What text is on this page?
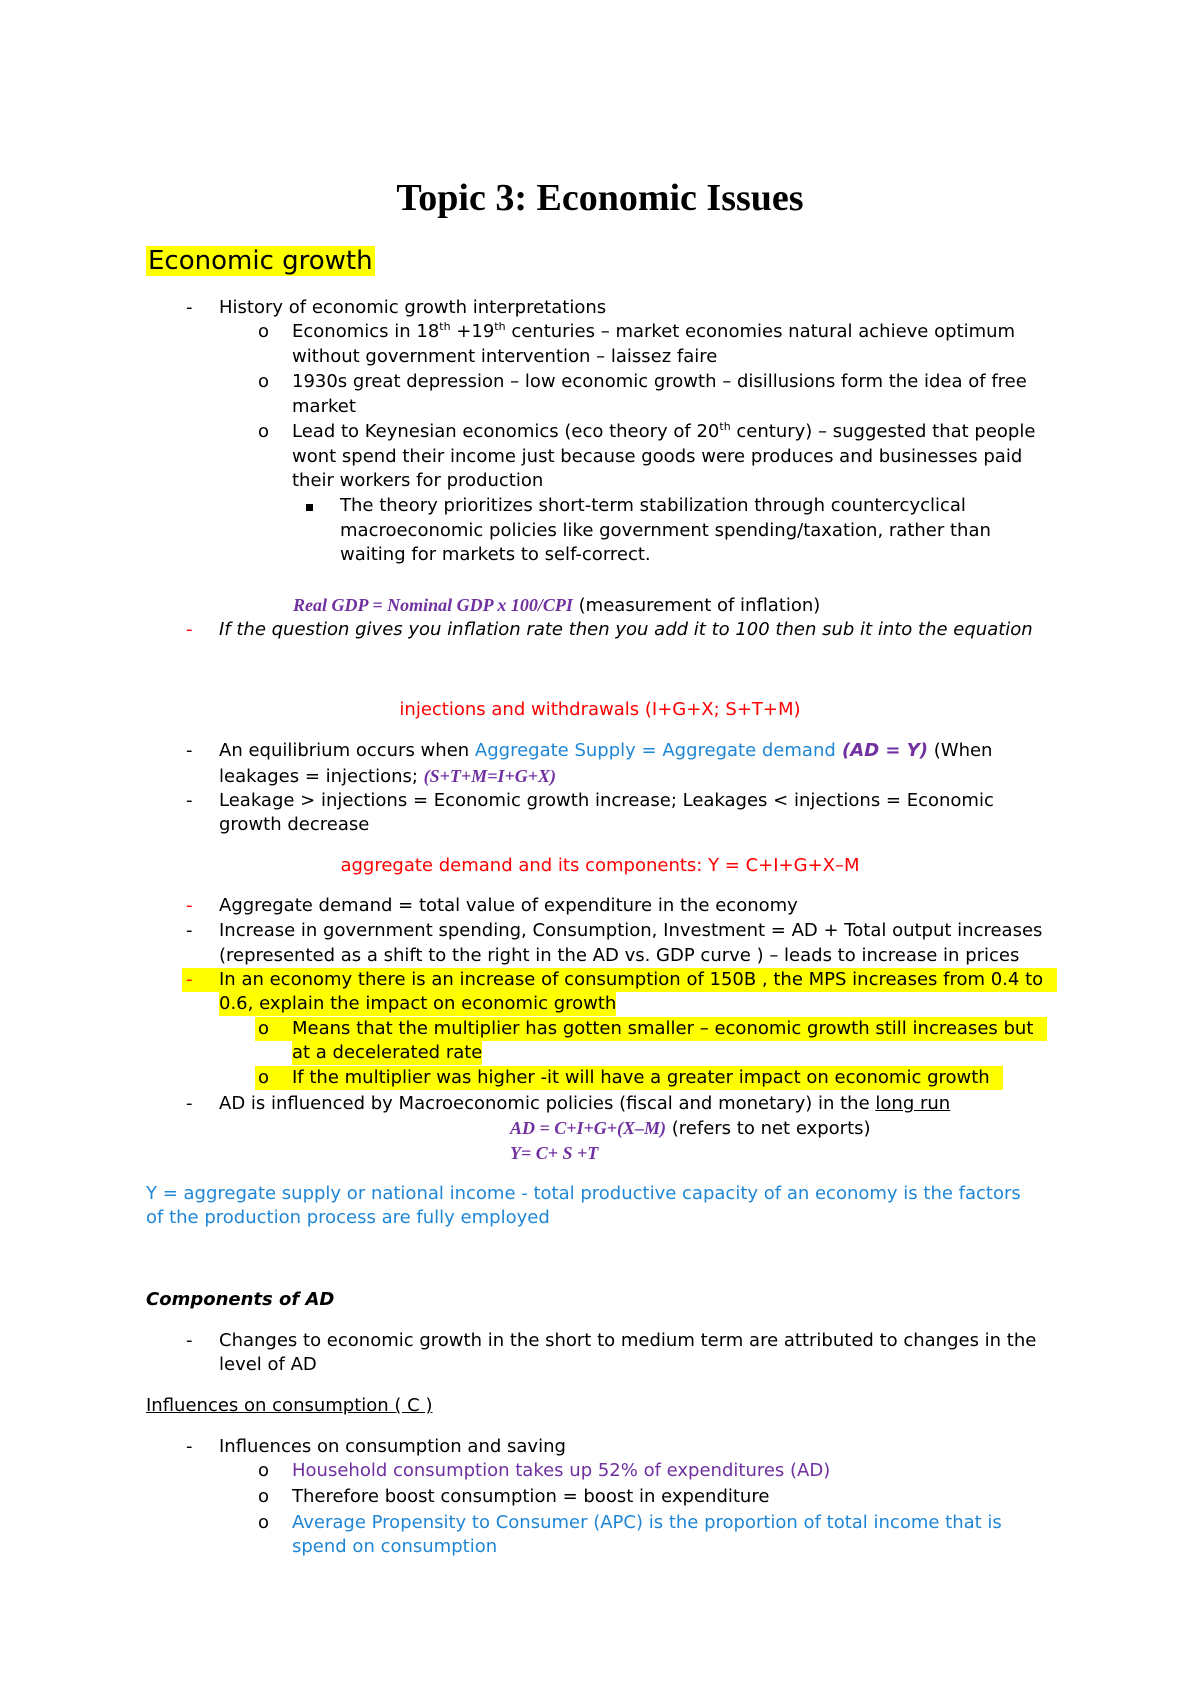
Topic 3: Economic Issues
Economic growth
- History of economic growth interpretations
o Economics in 18th +19th centuries – market economies natural achieve optimum
without government intervention – laissez faire
o 1930s great depression – low economic growth – disillusions form the idea of free
market
o Lead to Keynesian economics (eco theory of 20th century) – suggested that people
wont spend their income just because goods were produces and businesses paid
their workers for production
The theory prioritizes short-term stabilization through countercyclical
macroeconomic policies like government spending/taxation, rather than
waiting for markets to self-correct.
Real GDP = Nominal GDP x 100/CPI (measurement of inflation)
- If the question gives you inflation rate then you add it to 100 then sub it into the equation
injections and withdrawals (I+G+X; S+T+M)
- An equilibrium occurs when Aggregate Supply = Aggregate demand (AD = Y) (When
leakages = injections; (S+T+M=I+G+X)
- Leakage > injections = Economic growth increase; Leakages < injections = Economic
growth decrease
aggregate demand and its components: Y = C+I+G+X–M
- Aggregate demand = total value of expenditure in the economy
- Increase in government spending, Consumption, Investment = AD + Total output increases
(represented as a shift to the right in the AD vs. GDP curve ) – leads to increase in prices
- In an economy there is an increase of consumption of 150B , the MPS increases from 0.4 to
0.6, explain the impact on economic growth
o Means that the multiplier has gotten smaller – economic growth still increases but
at a decelerated rate
o If the multiplier was higher -it will have a greater impact on economic growth
- AD is influenced by Macroeconomic policies (fiscal and monetary) in the long run
AD = C+I+G+(X–M) (refers to net exports)
Y= C+ S +T
Y = aggregate supply or national income - total productive capacity of an economy is the factors
of the production process are fully employed
Components of AD
- Changes to economic growth in the short to medium term are attributed to changes in the
level of AD
Influences on consumption ( C )
- Influences on consumption and saving
o Household consumption takes up 52% of expenditures (AD)
o Therefore boost consumption = boost in expenditure
o Average Propensity to Consumer (APC) is the proportion of total income that is
spend on consumption
